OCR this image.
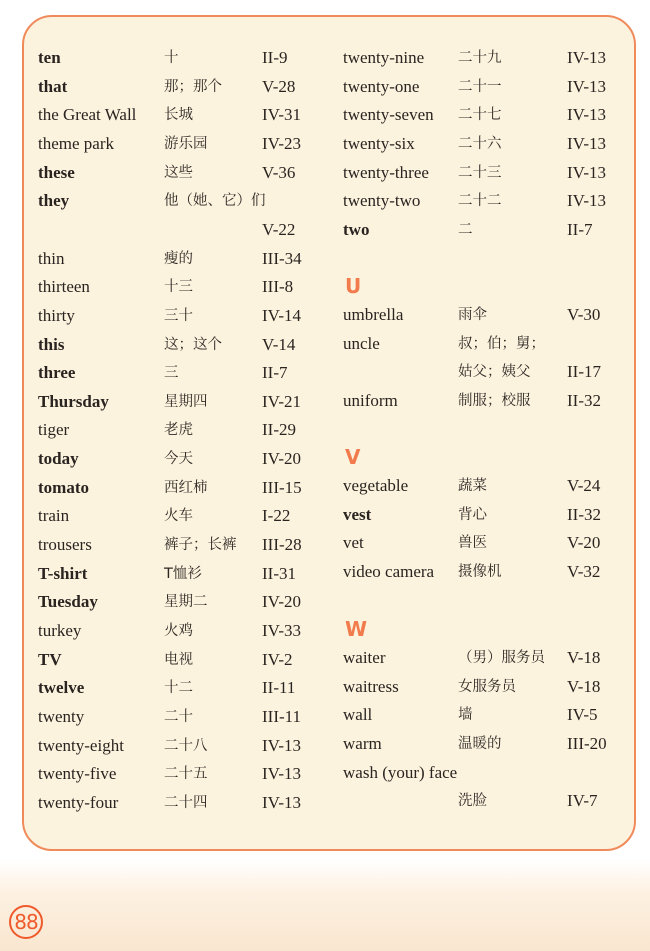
ten	十	II-9
that	那；那个 V-28
the Great Wall 长城	IV-31
theme park	游乐园	IV-23
these	这些	V-36
they	他（她、它）们
V-22
thin	瘦的	III-34
thirteen	十三	III-8
thirty	三十	IV-14
this	这；这个 V-14
three	三	II-7
Thursday	星期四	IV-21
tiger	老虎	II-29
today	今天	IV-20
tomato	西红柿	III-15
train	火车	I-22
trousers	裤子；长裤 III-28
T-shirt	T恤衫	II-31
Tuesday	星期二	IV-20
turkey	火鸡	IV-33
TV	电视	IV-2
twelve	十二	II-11
twenty	二十	III-11
twenty-eight	二十八	IV-13
twenty-five	二十五	IV-13
twenty-four	二十四	IV-13
twenty-nine 二十九	IV-13
twenty-one	二十一	IV-13
twenty-seven 二十七	IV-13
twenty-six	二十六	IV-13
twenty-three 二十三	IV-13
twenty-two	二十二	IV-13
two	二	II-7
U
umbrella	雨伞	V-30
uncle	叔；伯；舅；
姑父；姨父 II-17
uniform	制服；校服 II-32
V
vegetable	蔬菜	V-24
vest	背心	II-32
vet	兽医	V-20
video camera 摄像机	V-32
W
waiter	（男）服务员 V-18
waitress	女服务员	V-18
wall	墙	IV-5
warm	温暖的	III-20
wash (your) face
洗脸	IV-7
88
